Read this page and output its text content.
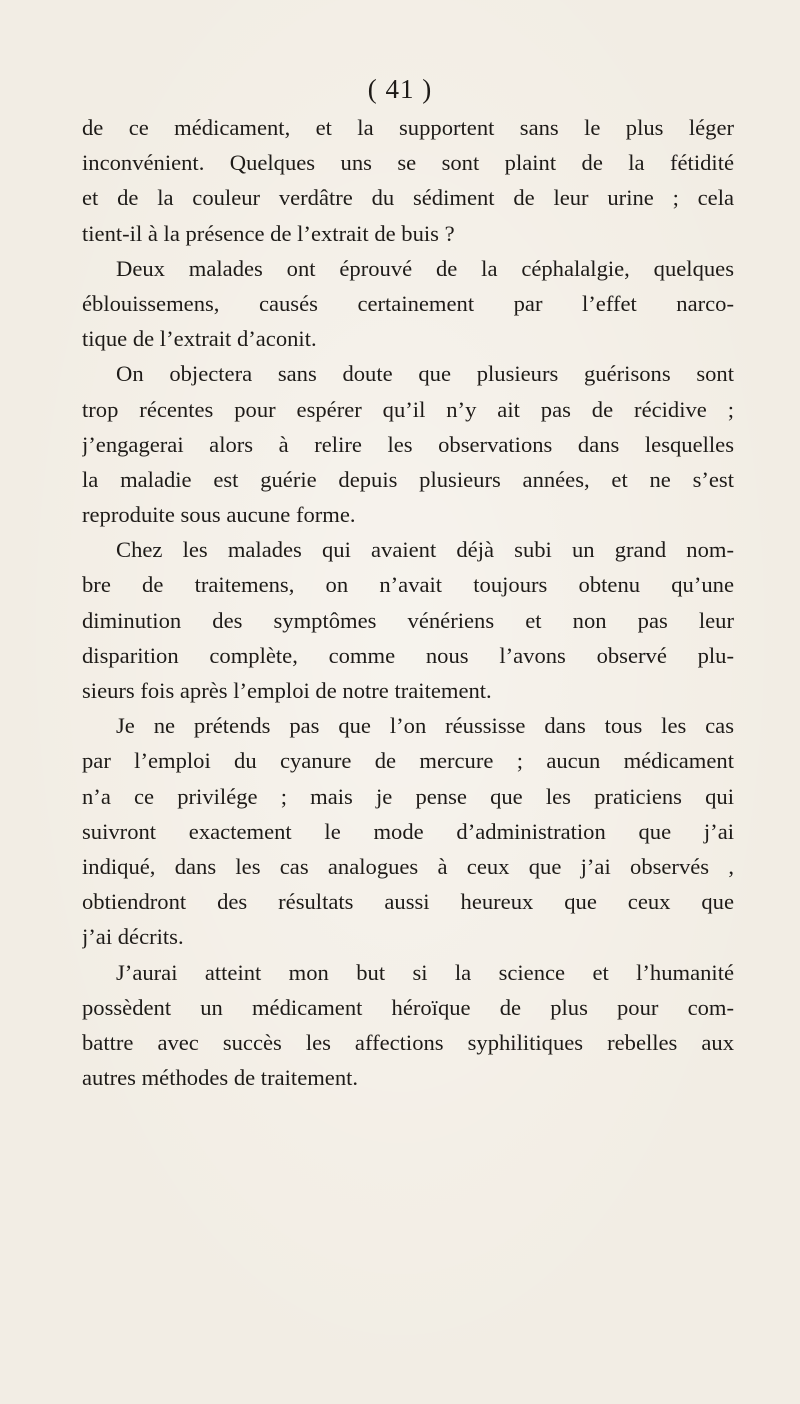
( 41 )
de ce médicament, et la supportent sans le plus léger
inconvénient. Quelques uns se sont plaint de la fétidité
et de la couleur verdâtre du sédiment de leur urine ; cela
tient-il à la présence de l’extrait de buis ?
Deux malades ont éprouvé de la céphalalgie, quelques
éblouissemens, causés certainement par l’effet narco-
tique de l’extrait d’aconit.
On objectera sans doute que plusieurs guérisons sont
trop récentes pour espérer qu’il n’y ait pas de récidive ;
j’engagerai alors à relire les observations dans lesquelles
la maladie est guérie depuis plusieurs années, et ne s’est
reproduite sous aucune forme.
Chez les malades qui avaient déjà subi un grand nom-
bre de traitemens, on n’avait toujours obtenu qu’une
diminution des symptômes vénériens et non pas leur
disparition complète, comme nous l’avons observé plu-
sieurs fois après l’emploi de notre traitement.
Je ne prétends pas que l’on réussisse dans tous les cas
par l’emploi du cyanure de mercure ; aucun médicament
n’a ce privilége ; mais je pense que les praticiens qui
suivront exactement le mode d’administration que j’ai
indiqué, dans les cas analogues à ceux que j’ai observés ,
obtiendront des résultats aussi heureux que ceux que
j’ai décrits.
J’aurai atteint mon but si la science et l’humanité
possèdent un médicament héroïque de plus pour com-
battre avec succès les affections syphilitiques rebelles aux
autres méthodes de traitement.
